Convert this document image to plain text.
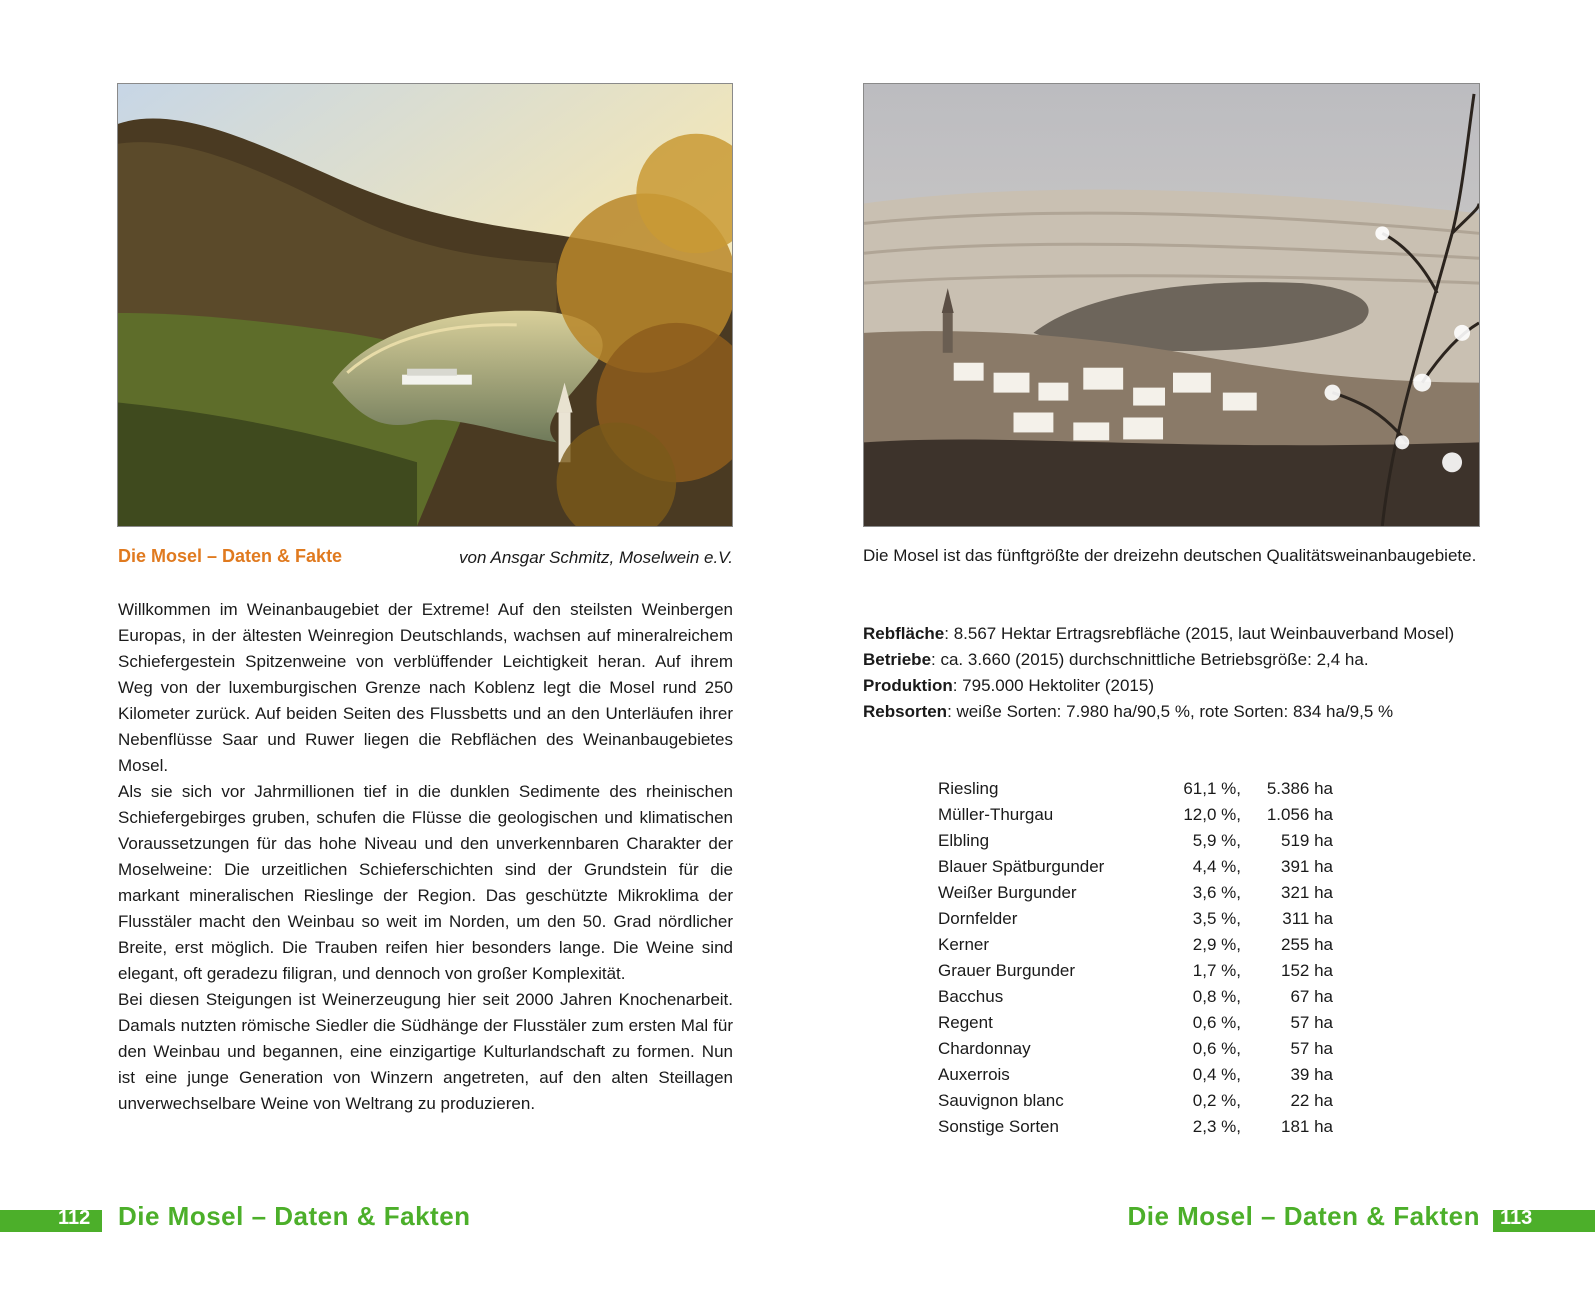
Die Mosel – Daten & Fakte	von Ansgar Schmitz, Moselwein e.V.

Willkommen im Weinanbaugebiet der Extreme! Auf den steilsten Weinbergen Europas, in der ältesten Weinregion Deutschlands, wachsen auf mineralreichem Schiefergestein Spitzenweine von verblüffender Leichtigkeit heran. Auf ihrem Weg von der luxemburgischen Grenze nach Koblenz legt die Mosel rund 250 Kilometer zurück. Auf beiden Seiten des Flussbetts und an den Unterläufen ihrer Nebenflüsse Saar und Ruwer liegen die Rebflächen des Weinanbaugebietes Mosel.

Als sie sich vor Jahrmillionen tief in die dunklen Sedimente des rheinischen Schiefergebirges gruben, schufen die Flüsse die geologischen und klimatischen Voraussetzungen für das hohe Niveau und den unverkennbaren Charakter der Moselweine: Die urzeitlichen Schieferschichten sind der Grundstein für die markant mineralischen Rieslinge der Region. Das geschützte Mikroklima der Flusstäler macht den Weinbau so weit im Norden, um den 50. Grad nördlicher Breite, erst möglich. Die Trauben reifen hier besonders lange. Die Weine sind elegant, oft geradezu filigran, und dennoch von großer Komplexität.

Bei diesen Steigungen ist Weinerzeugung hier seit 2000 Jahren Knochenarbeit. Damals nutzten römische Siedler die Südhänge der Flusstäler zum ersten Mal für den Weinbau und begannen, eine einzigartige Kulturlandschaft zu formen. Nun ist eine junge Generation von Winzern angetreten, auf den alten Steillagen unverwechselbare Weine von Weltrang zu produzieren.

112 Die Mosel – Daten & Fakten
Die Mosel ist das fünftgrößte der dreizehn deutschen Qualitätsweinanbaugebiete.

Rebfläche: 8.567 Hektar Ertragsrebfläche (2015, laut Weinbauverband Mosel)

Betriebe: ca. 3.660 (2015) durchschnittliche Betriebsgröße: 2,4 ha.

Produktion: 795.000 Hektoliter (2015)

Rebsorten: weiße Sorten: 7.980 ha/90,5 %, rote Sorten: 834 ha/9,5 %

Riesling	61,1 %,	5.386 ha
Müller-Thurgau	12,0 %,	1.056 ha
Elbling	5,9 %,	519 ha
Blauer Spätburgunder	4,4 %,	391 ha
Weißer Burgunder	3,6 %,	321 ha
Dornfelder	3,5 %,	311 ha
Kerner	2,9 %,	255 ha
Grauer Burgunder	1,7 %,	152 ha
Bacchus	0,8 %,	67 ha
Regent	0,6 %,	57 ha
Chardonnay	0,6 %,	57 ha
Auxerrois	0,4 %,	39 ha
Sauvignon blanc	0,2 %,	22 ha
Sonstige Sorten	2,3 %,	181 ha
113
Die Mosel – Daten & Fakten
